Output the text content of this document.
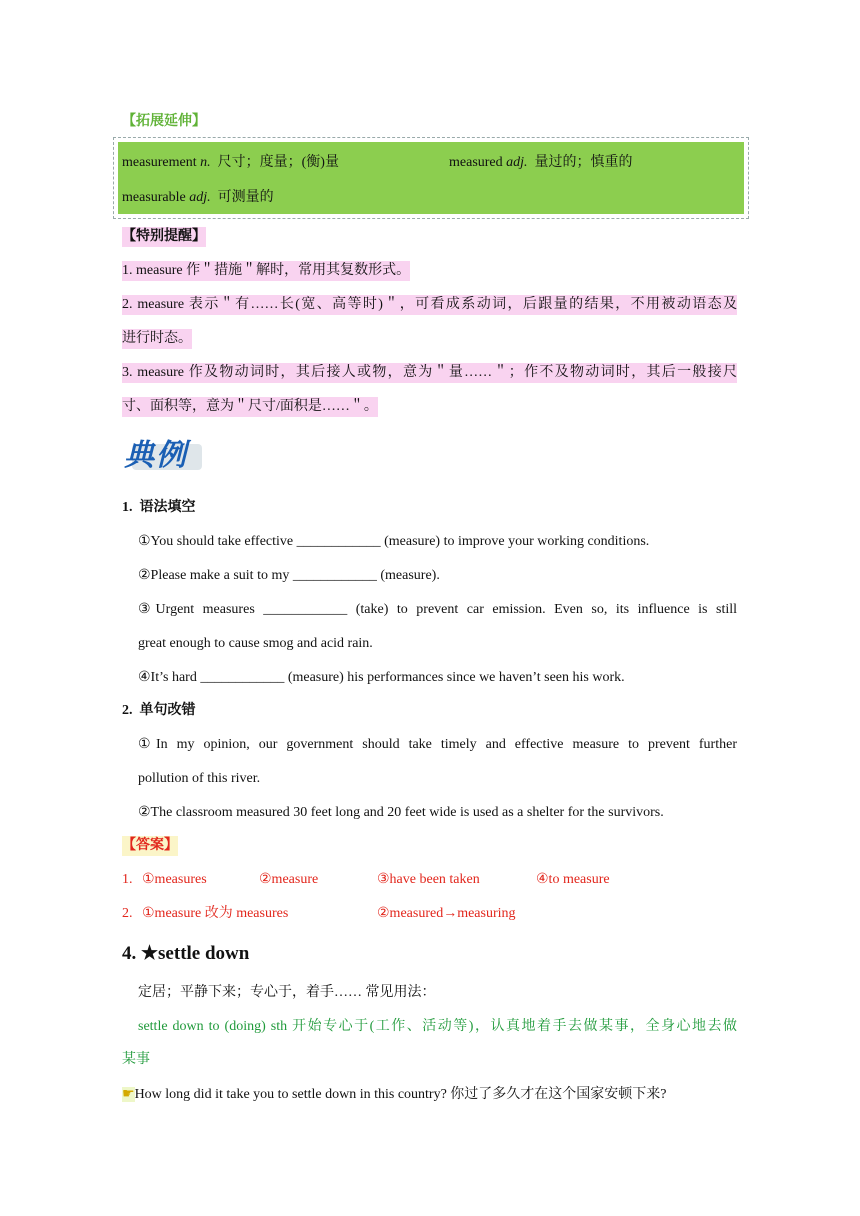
【拓展延伸】
measurement n. 尺寸；度量；(衡)量	measured adj. 量过的；慎重的
measurable adj. 可测量的
【特别提醒】
1. measure 作＂措施＂解时，常用其复数形式。
2. measure 表示＂有……长(宽、高等时)＂，可看成系动词，后跟量的结果，不用被动语态及
进行时态。
3. measure 作及物动词时，其后接人或物，意为＂量……＂；作不及物动词时，其后一般接尺
寸、面积等，意为＂尺寸/面积是……＂。
典例
1. 语法填空
①You should take effective ____________ (measure) to improve your working conditions.
②Please make a suit to my ____________ (measure).
③Urgent measures ____________ (take) to prevent car emission. Even so, its influence is still
great enough to cause smog and acid rain.
④It’s hard ____________ (measure) his performances since we haven’t seen his work.
2. 单句改错
①In my opinion, our government should take timely and effective measure to prevent further
pollution of this river.
②The classroom measured 30 feet long and 20 feet wide is used as a shelter for the survivors.
【答案】
1. ①measures	②measure	③have been taken	④to measure
2. ①measure 改为 measures	②measured→measuring
4. ★settle down
定居；平静下来；专心于，着手…… 常见用法：
settle down to (doing) sth 开始专心于(工作、活动等)，认真地着手去做某事，全身心地去做
某事
☛How long did it take you to settle down in this country? 你过了多久才在这个国家安顿下来?
